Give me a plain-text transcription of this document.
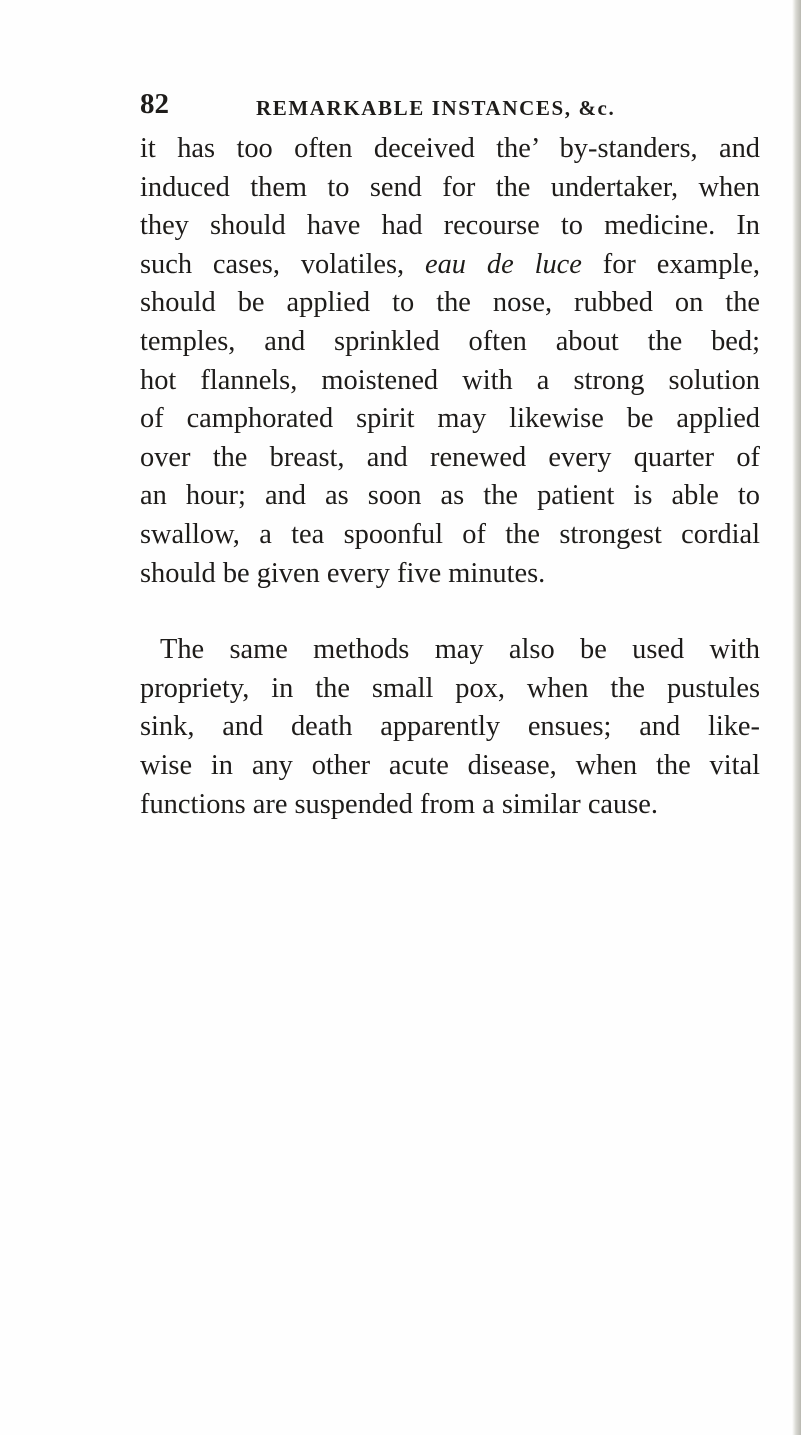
82	REMARKABLE INSTANCES, &c.
it has too often deceived the’ by-standers, and
induced them to send for the undertaker, when
they should have had recourse to medicine. In
such cases, volatiles, eau de luce for example,
should be applied to the nose, rubbed on the
temples, and sprinkled often about the bed;
hot flannels, moistened with a strong solution
of camphorated spirit may likewise be applied
over the breast, and renewed every quarter of
an hour; and as soon as the patient is able to
swallow, a tea spoonful of the strongest cordial
should be given every five minutes.
The same methods may also be used with
propriety, in the small pox, when the pustules
sink, and death apparently ensues; and like-
wise in any other acute disease, when the vital
functions are suspended from a similar cause.
